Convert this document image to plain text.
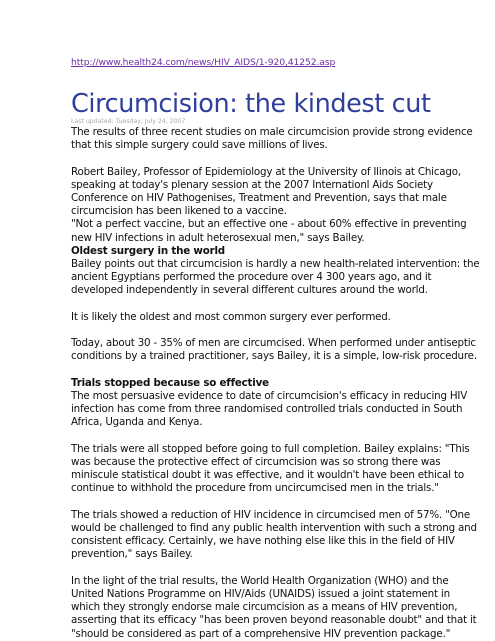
http://www.health24.com/news/HIV_AIDS/1-920,41252.asp
Circumcision: the kindest cut
Last updated: Tuesday, July 24, 2007

The results of three recent studies on male circumcision provide strong evidence
that this simple surgery could save millions of lives.

Robert Bailey, Professor of Epidemiology at the University of Ilinois at Chicago,
speaking at today's plenary session at the 2007 Internationl Aids Society
Conference on HIV Pathogenises, Treatment and Prevention, says that male
circumcision has been likened to a vaccine.

"Not a perfect vaccine, but an effective one - about 60% effective in preventing
new HIV infections in adult heterosexual men," says Bailey.

Oldest surgery in the world

Bailey points out that circumcision is hardly a new health-related intervention: the
ancient Egyptians performed the procedure over 4 300 years ago, and it
developed independently in several different cultures around the world.

It is likely the oldest and most common surgery ever performed.

Today, about 30 - 35% of men are circumcised. When performed under antiseptic
conditions by a trained practitioner, says Bailey, it is a simple, low-risk procedure.

Trials stopped because so effective

The most persuasive evidence to date of circumcision's efficacy in reducing HIV
infection has come from three randomised controlled trials conducted in South
Africa, Uganda and Kenya.

The trials were all stopped before going to full completion. Bailey explains: "This
was because the protective effect of circumcision was so strong there was
miniscule statistical doubt it was effective, and it wouldn't have been ethical to
continue to withhold the procedure from uncircumcised men in the trials."

The trials showed a reduction of HIV incidence in circumcised men of 57%. "One
would be challenged to find any public health intervention with such a strong and
consistent efficacy. Certainly, we have nothing else like this in the field of HIV
prevention," says Bailey.

In the light of the trial results, the World Health Organization (WHO) and the
United Nations Programme on HIV/Aids (UNAIDS) issued a joint statement in
which they strongly endorse male circumcision as a means of HIV prevention,
asserting that its efficacy "has been proven beyond reasonable doubt" and that it
"should be considered as part of a comprehensive HIV prevention package."
